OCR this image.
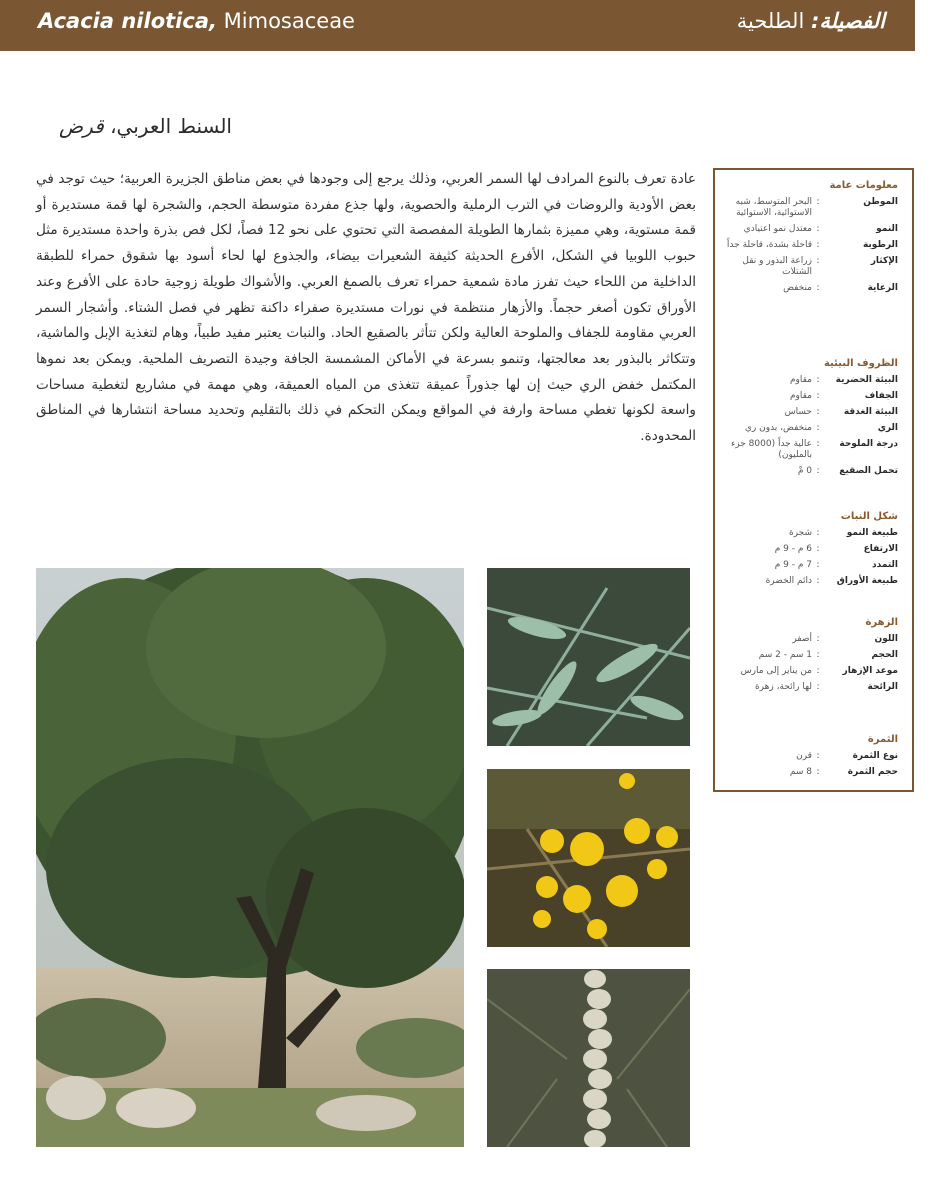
Acacia nilotica, Mimosaceae	الفصيلة: الطلحية
السنط العربي، قرض
عادة تعرف بالنوع المرادف لها السمر العربي، وذلك يرجع إلى وجودها في بعض مناطق الجزيرة العربية؛ حيث توجد في بعض الأودية والروضات في الترب الرملية والحصوية، ولها جذع مفردة متوسطة الحجم، والشجرة لها قمة مستديرة أو قمة مستوية، وهي مميزة بثمارها الطويلة المفصصة التي تحتوي على نحو 12 فصاً، لكل فص بذرة واحدة مستديرة مثل حبوب اللوبيا في الشكل، الأفرع الحديثة كثيفة الشعيرات بيضاء، والجذوع لها لحاء أسود بها شقوق حمراء للطبقة الداخلية من اللحاء حيث تفرز مادة شمعية حمراء تعرف بالصمغ العربي. والأشواك طويلة زوجية حادة على الأفرع وعند الأوراق تكون أصغر حجماً. والأزهار منتظمة في نورات مستديرة صفراء داكنة تظهر في فصل الشتاء. وأشجار السمر العربي مقاومة للجفاف والملوحة العالية ولكن تتأثر بالصقيع الحاد. والنبات يعتبر مفيد طبياً، وهام لتغذية الإبل والماشية، وتتكاثر بالبذور بعد معالجتها، وتنمو بسرعة في الأماكن المشمسة الجافة وجيدة التصريف الملحية. ويمكن بعد نموها المكتمل خفض الري حيث إن لها جذوراً عميقة تتغذى من المياه العميقة، وهي مهمة في مشاريع لتغطية مساحات واسعة لكونها تغطي مساحة وارفة في المواقع ويمكن التحكم في ذلك بالتقليم وتحديد مساحة انتشارها في المناطق المحدودة.
معلومات عامة
الموطن
:
البحر المتوسط، شبه الاستوائية، الاستوائية
النمو
:
معتدل نمو اعتيادي
الرطوبة
:
قاحلة بشدة، قاحلة جداً
الإكثار
:
زراعة البذور و نقل الشتلات
الرعاية
:
منخفض
الظروف البيئية
البيئة الحضرية
:
مقاوم
الجفاف
:
مقاوم
البيئة الغدقة
:
حساس
الري
:
منخفض، بدون ري
درجة الملوحة
:
عالية جداً (8000 جزء بالمليون)
تحمل الصقيع
:
0 مْ
شكل النبات
طبيعة النمو
:
شجرة
الارتفاع
:
6 م - 9 م
التمدد
:
7 م - 9 م
طبيعة الأوراق
:
دائم الخضرة
الزهرة
اللون
:
أصفر
الحجم
:
1 سم - 2 سم
موعد الإزهار
:
من يناير إلى مارس
الرائحة
:
لها رائحة، زهرة
الثمرة
نوع الثمرة
:
قرن
حجم الثمرة
:
8 سم
